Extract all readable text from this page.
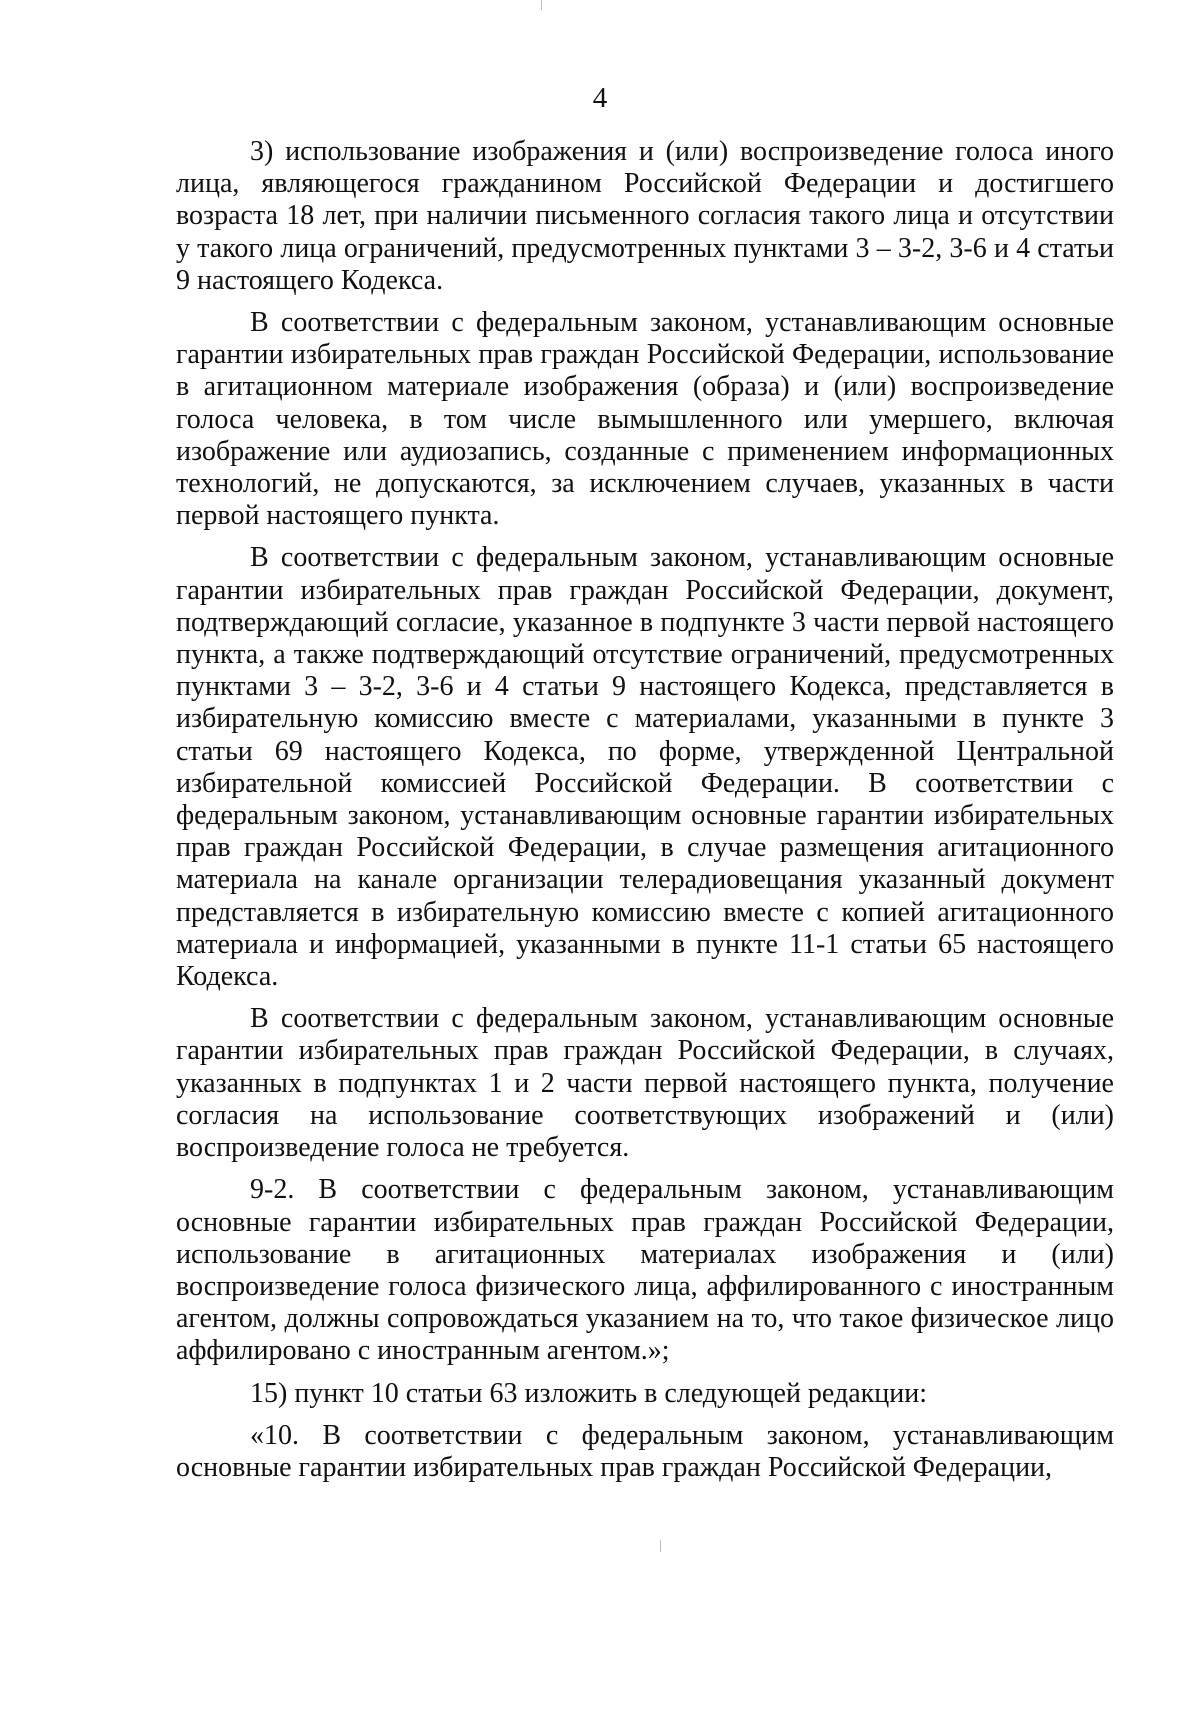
4

3) использование изображения и (или) воспроизведение голоса иного лица, являющегося гражданином Российской Федерации и достигшего возраста 18 лет, при наличии письменного согласия такого лица и отсутствии у такого лица ограничений, предусмотренных пунктами 3 – 3-2, 3-6 и 4 статьи 9 настоящего Кодекса.

В соответствии с федеральным законом, устанавливающим основные гарантии избирательных прав граждан Российской Федерации, использование в агитационном материале изображения (образа) и (или) воспроизведение голоса человека, в том числе вымышленного или умершего, включая изображение или аудиозапись, созданные с применением информационных технологий, не допускаются, за исключением случаев, указанных в части первой настоящего пункта.

В соответствии с федеральным законом, устанавливающим основные гарантии избирательных прав граждан Российской Федерации, документ, подтверждающий согласие, указанное в подпункте 3 части первой настоящего пункта, а также подтверждающий отсутствие ограничений, предусмотренных пунктами 3 – 3-2, 3-6 и 4 статьи 9 настоящего Кодекса, представляется в избирательную комиссию вместе с материалами, указанными в пункте 3 статьи 69 настоящего Кодекса, по форме, утвержденной Центральной избирательной комиссией Российской Федерации. В соответствии с федеральным законом, устанавливающим основные гарантии избирательных прав граждан Российской Федерации, в случае размещения агитационного материала на канале организации телерадиовещания указанный документ представляется в избирательную комиссию вместе с копией агитационного материала и информацией, указанными в пункте 11-1 статьи 65 настоящего Кодекса.

В соответствии с федеральным законом, устанавливающим основные гарантии избирательных прав граждан Российской Федерации, в случаях, указанных в подпунктах 1 и 2 части первой настоящего пункта, получение согласия на использование соответствующих изображений и (или) воспроизведение голоса не требуется.

9-2. В соответствии с федеральным законом, устанавливающим основные гарантии избирательных прав граждан Российской Федерации, использование в агитационных материалах изображения и (или) воспроизведение голоса физического лица, аффилированного с иностранным агентом, должны сопровождаться указанием на то, что такое физическое лицо аффилировано с иностранным агентом.»;

15) пункт 10 статьи 63 изложить в следующей редакции:

«10. В соответствии с федеральным законом, устанавливающим основные гарантии избирательных прав граждан Российской Федерации,
